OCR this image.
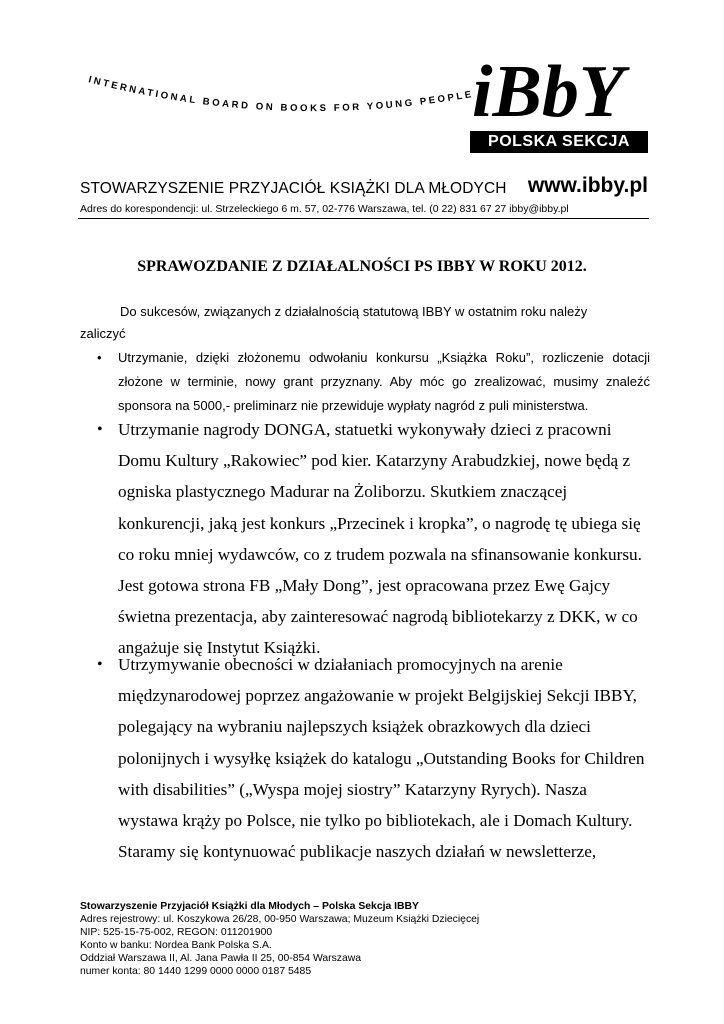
INTERNATIONAL BOARD ON BOOKS FOR YOUNG PEOPLE
iBbY
POLSKA SEKCJA
STOWARZYSZENIE PRZYJACIÓŁ KSIĄŻKI DLA MŁODYCH www.ibby.pl
Adres do korespondencji: ul. Strzeleckiego 6 m. 57, 02-776 Warszawa, tel. (0 22) 831 67 27 ibby@ibby.pl
SPRAWOZDANIE Z DZIAŁALNOŚCI PS IBBY W ROKU 2012.
Do sukcesów, związanych z działalnością statutową IBBY w ostatnim roku należy
zaliczyć
• Utrzymanie, dzięki złożonemu odwołaniu konkursu „Książka Roku”, rozliczenie dotacji złożone w terminie, nowy grant przyznany. Aby móc go zrealizować, musimy znaleźć sponsora na 5000,- preliminarz nie przewiduje wypłaty nagród z puli ministerstwa.
• Utrzymanie nagrody DONGA, statuetki wykonywały dzieci z pracowni Domu Kultury „Rakowiec” pod kier. Katarzyny Arabudzkiej, nowe będą z ogniska plastycznego Madurar na Żoliborzu. Skutkiem znaczącej konkurencji, jaką jest konkurs „Przecinek i kropka”, o nagrodę tę ubiega się co roku mniej wydawców, co z trudem pozwala na sfinansowanie konkursu. Jest gotowa strona FB „Mały Dong”, jest opracowana przez Ewę Gajcy świetna prezentacja, aby zainteresować nagrodą bibliotekarzy z DKK, w co angażuje się Instytut Książki.
• Utrzymywanie obecności w działaniach promocyjnych na arenie międzynarodowej poprzez angażowanie w projekt Belgijskiej Sekcji IBBY, polegający na wybraniu najlepszych książek obrazkowych dla dzieci polonijnych i wysyłkę książek do katalogu „Outstanding Books for Children with disabilities” („Wyspa mojej siostry” Katarzyny Ryrych). Nasza wystawa krąży po Polsce, nie tylko po bibliotekach, ale i Domach Kultury. Staramy się kontynuować publikacje naszych działań w newsletterze,
Stowarzyszenie Przyjaciół Książki dla Młodych – Polska Sekcja IBBY
Adres rejestrowy: ul. Koszykowa 26/28, 00-950 Warszawa; Muzeum Książki Dziecięcej
NIP: 525-15-75-002, REGON: 011201900
Konto w banku: Nordea Bank Polska S.A.
Oddział Warszawa II, Al. Jana Pawła II 25, 00-854 Warszawa
numer konta: 80 1440 1299 0000 0000 0187 5485
